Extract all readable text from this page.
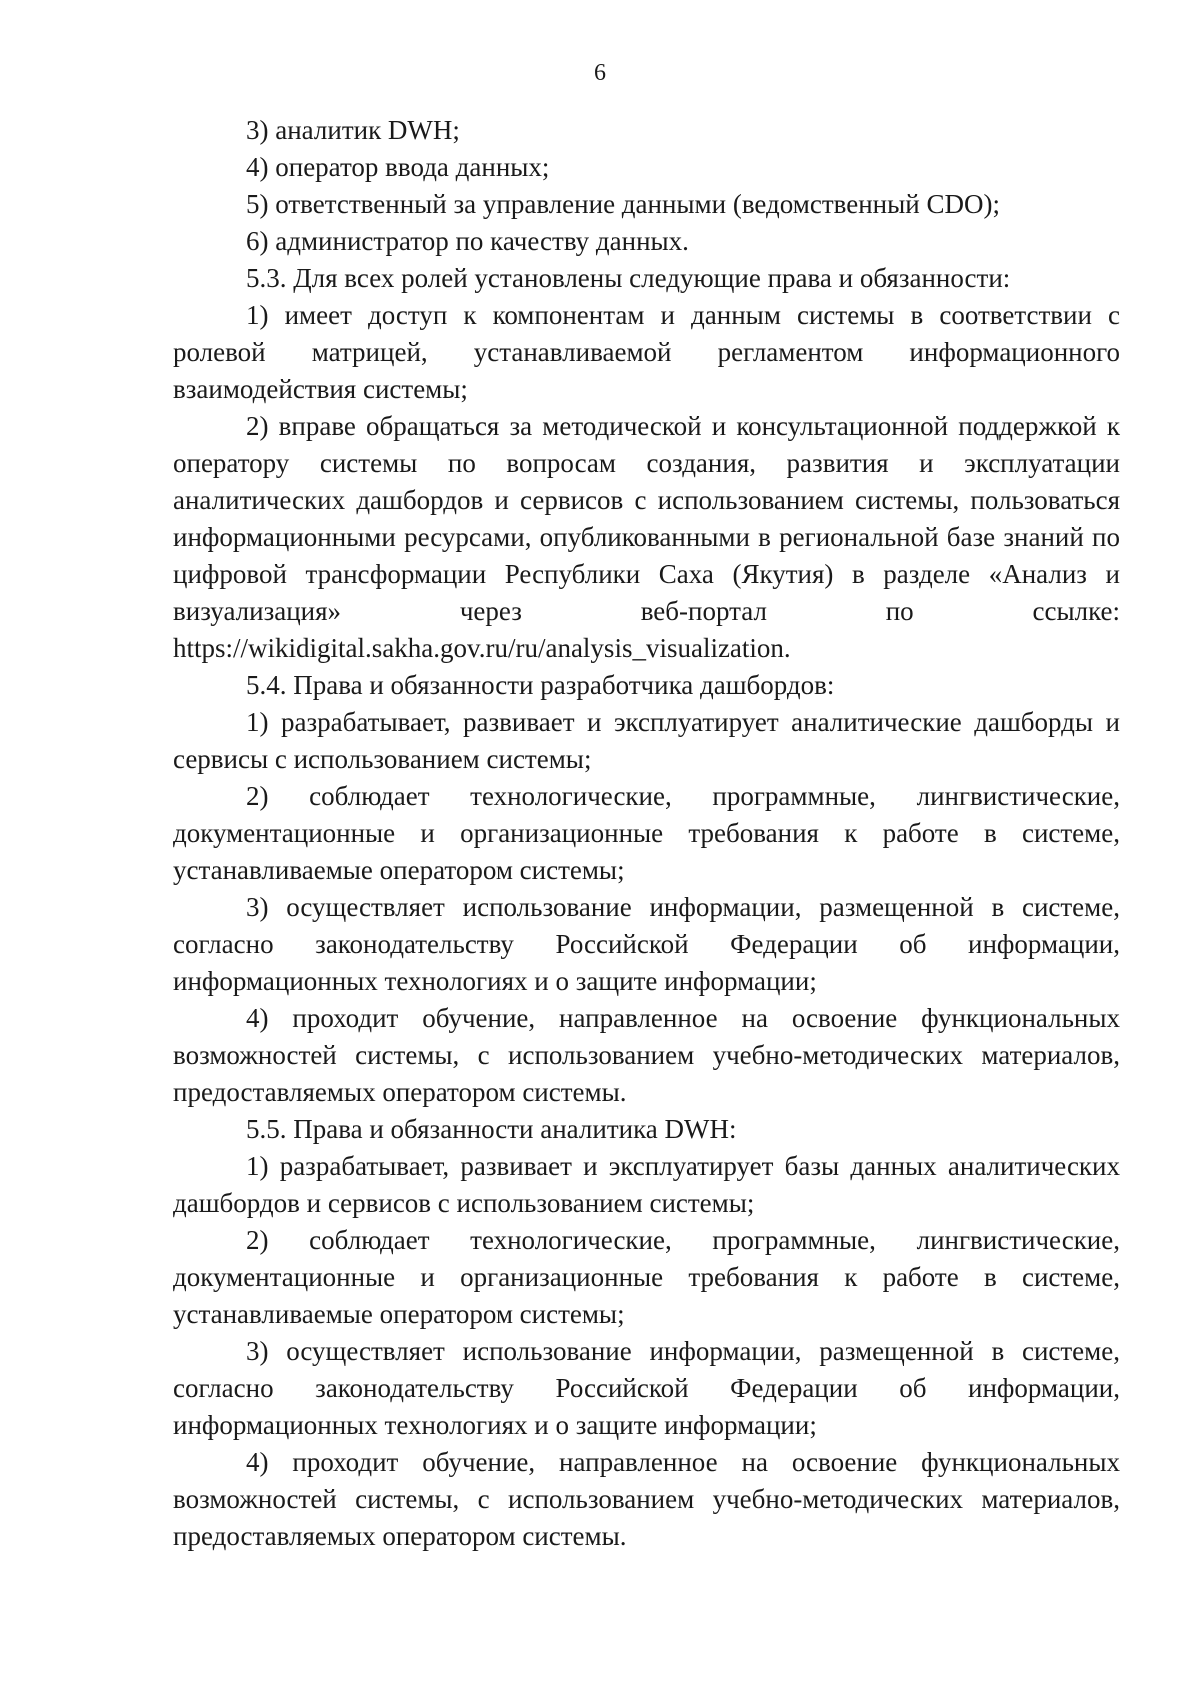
6

3) аналитик DWH;

4) оператор ввода данных;

5) ответственный за управление данными (ведомственный CDO);

6) администратор по качеству данных.

5.3. Для всех ролей установлены следующие права и обязанности:

1) имеет доступ к компонентам и данным системы в соответствии с ролевой матрицей, устанавливаемой регламентом информационного взаимодействия системы;

2) вправе обращаться за методической и консультационной поддержкой к оператору системы по вопросам создания, развития и эксплуатации аналитических дашбордов и сервисов с использованием системы, пользоваться информационными ресурсами, опубликованными в региональной базе знаний по цифровой трансформации Республики Саха (Якутия) в разделе «Анализ и визуализация» через веб-портал по ссылке: https://wikidigital.sakha.gov.ru/ru/analysis_visualization.

5.4. Права и обязанности разработчика дашбордов:

1) разрабатывает, развивает и эксплуатирует аналитические дашборды и сервисы с использованием системы;

2) соблюдает технологические, программные, лингвистические, документационные и организационные требования к работе в системе, устанавливаемые оператором системы;

3) осуществляет использование информации, размещенной в системе, согласно законодательству Российской Федерации об информации, информационных технологиях и о защите информации;

4) проходит обучение, направленное на освоение функциональных возможностей системы, с использованием учебно-методических материалов, предоставляемых оператором системы.

5.5. Права и обязанности аналитика DWH:

1) разрабатывает, развивает и эксплуатирует базы данных аналитических дашбордов и сервисов с использованием системы;

2) соблюдает технологические, программные, лингвистические, документационные и организационные требования к работе в системе, устанавливаемые оператором системы;

3) осуществляет использование информации, размещенной в системе, согласно законодательству Российской Федерации об информации, информационных технологиях и о защите информации;

4) проходит обучение, направленное на освоение функциональных возможностей системы, с использованием учебно-методических материалов, предоставляемых оператором системы.
